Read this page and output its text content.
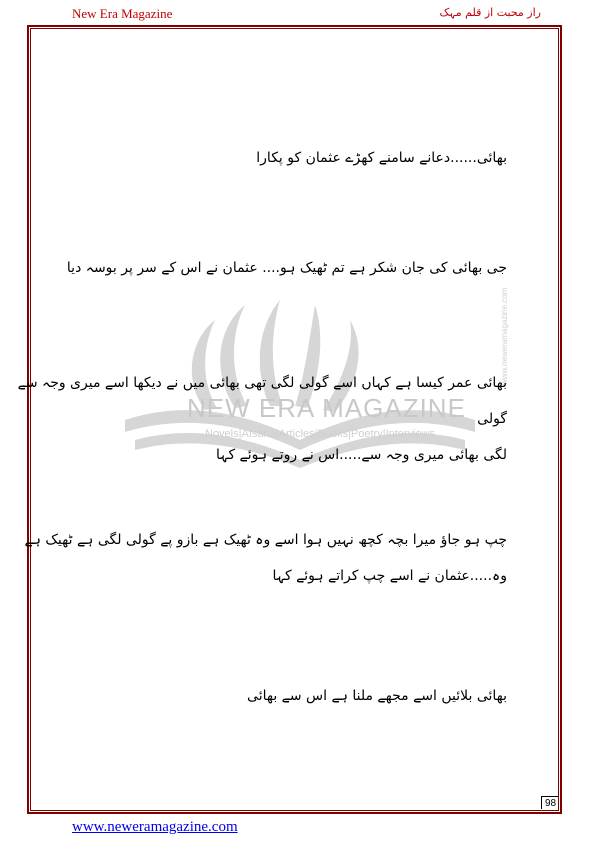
New Era Magazine	راز محبت از قلم مہک
NEW ERA MAGAZINE
Novels|Afsana|Articles|Books|Poetry|Interviews
www.neweramagazine.com
بھائی......دعانے سامنے کھڑے عثمان کو پکارا
جی بھائی کی جان شکر ہے تم ٹھیک ہو.... عثمان نے اس کے سر پر بوسہ دیا
بھائی عمر کیسا ہے کہاں اسے گولی لگی تھی بھائی میں نے دیکھا اسے میری وجہ سے گولی
لگی بھائی میری وجہ سے.....اس نے روتے ہوئے کہا
چپ ہو جاؤ میرا بچہ کچھ نہیں ہوا اسے وہ ٹھیک ہے بازو پے گولی لگی ہے ٹھیک ہے
وہ.....عثمان نے اسے چپ کراتے ہوئے کہا
بھائی بلائیں اسے مجھے ملنا ہے اس سے بھائی
98
www.neweramagazine.com
